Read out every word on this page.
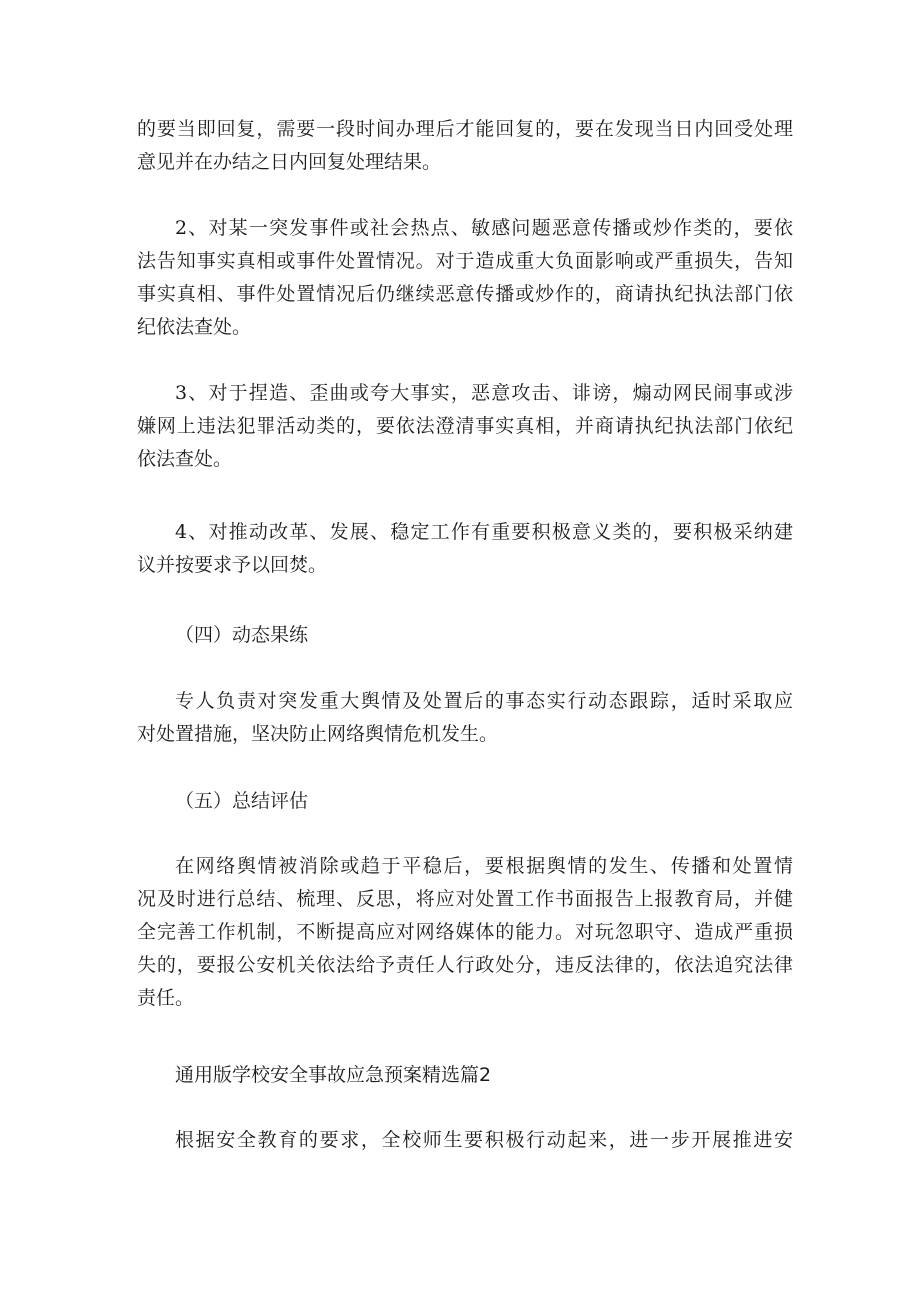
的要当即回复，需要一段时间办理后才能回复的，要在发现当日内回受处理
意见并在办结之日内回复处理结果。
2、对某一突发事件或社会热点、敏感问题恶意传播或炒作类的，要依
法告知事实真相或事件处置情况。对于造成重大负面影响或严重损失，告知
事实真相、事件处置情况后仍继续恶意传播或炒作的，商请执纪执法部门依
纪依法查处。
3、对于捏造、歪曲或夸大事实，恶意攻击、诽谤，煽动网民闹事或涉
嫌网上违法犯罪活动类的，要依法澄清事实真相，并商请执纪执法部门依纪
依法查处。
4、对推动改革、发展、稳定工作有重要积极意义类的，要积极采纳建
议并按要求予以回焚。
（四）动态果练
专人负责对突发重大舆情及处置后的事态实行动态跟踪，适时采取应
对处置措施，坚决防止网络舆情危机发生。
（五）总结评估
在网络舆情被消除或趋于平稳后，要根据舆情的发生、传播和处置情
况及时进行总结、梳理、反思，将应对处置工作书面报告上报教育局，并健
全完善工作机制，不断提高应对网络媒体的能力。对玩忽职守、造成严重损
失的，要报公安机关依法给予责任人行政处分，违反法律的，依法追究法律
责任。
通用版学校安全事故应急预案精选篇2
根据安全教育的要求，全校师生要积极行动起来，进一步开展推进安
